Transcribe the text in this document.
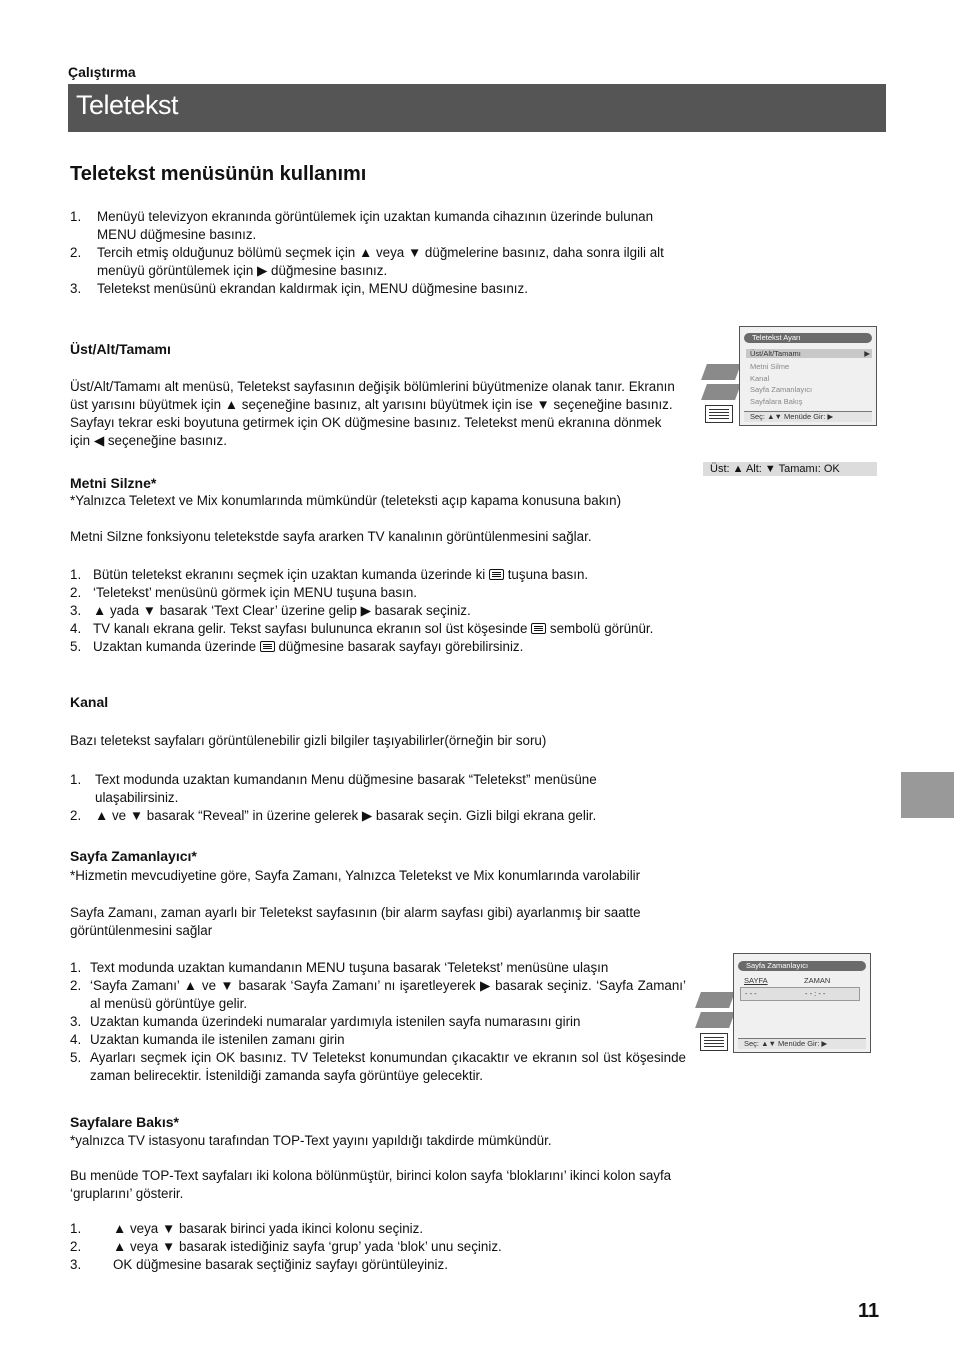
Çalıştırma
Teletekst
Teletekst menüsünün kullanımı
1. Menüyü televizyon ekranında görüntülemek için uzaktan kumanda cihazının üzerinde bulunan MENU düğmesine basınız.
2. Tercih etmiş olduğunuz bölümü seçmek için ▲ veya ▼ düğmelerine basınız, daha sonra ilgili alt menüyü görüntülemek için ▶ düğmesine basınız.
3. Teletekst menüsünü ekrandan kaldırmak için, MENU düğmesine basınız.
Üst/Alt/Tamamı
Üst/Alt/Tamamı alt menüsü, Teletekst sayfasının değişik bölümlerini büyütmenize olanak tanır. Ekranın üst yarısını büyütmek için ▲ seçeneğine basınız, alt yarısını büyütmek için ise ▼ seçeneğine basınız. Sayfayı tekrar eski boyutuna getirmek için OK düğmesine basınız. Teletekst menü ekranına dönmek için ◀ seçeneğine basınız.
Metni Silzne*
*Yalnızca Teletext ve Mix konumlarında mümkündür (teleteksti açıp kapama konusuna bakın)
Metni Silzne fonksiyonu teletekstde sayfa ararken TV kanalının görüntülenmesini sağlar.
1. Bütün teletekst ekranını seçmek için uzaktan kumanda üzerinde ki  tuşuna basın.
2. ‘Teletekst’ menüsünü görmek için MENU tuşuna basın.
3. ▲ yada ▼ basarak ‘Text Clear’ üzerine gelip ▶ basarak seçiniz.
4. TV kanalı ekrana gelir. Tekst sayfası bulununca ekranın sol üst köşesinde  sembolü görünür.
5. Uzaktan kumanda üzerinde  düğmesine basarak sayfayı görebilirsiniz.
Kanal
Bazı teletekst sayfaları görüntülenebilir gizli bilgiler taşıyabilirler(örneğin bir soru)
1. Text modunda uzaktan kumandanın Menu düğmesine basarak “Teletekst” menüsüne ulaşabilirsiniz.
2. ▲ ve ▼ basarak “Reveal” in üzerine gelerek ▶ basarak seçin. Gizli bilgi ekrana gelir.
Sayfa Zamanlayıcı*
*Hizmetin mevcudiyetine göre, Sayfa Zamanı, Yalnızca Teletekst ve Mix konumlarında varolabilir
Sayfa Zamanı, zaman ayarlı bir Teletekst sayfasının (bir alarm sayfası gibi) ayarlanmış bir saatte görüntülenmesini sağlar
1. Text modunda uzaktan kumandanın MENU tuşuna basarak ‘Teletekst’ menüsüne ulaşın
2. ‘Sayfa Zamanı’ ▲ ve ▼ basarak ‘Sayfa Zamanı’ nı işaretleyerek ▶ basarak seçiniz. ‘Sayfa Zamanı’ al menüsü görüntüye gelir.
3. Uzaktan kumanda üzerindeki numaralar yardımıyla istenilen sayfa numarasını girin
4. Uzaktan kumanda ile istenilen zamanı girin
5. Ayarları seçmek için OK basınız. TV Teletekst konumundan çıkacaktır ve ekranın sol üst köşesinde zaman belirecektir. İstenildiği zamanda sayfa görüntüye gelecektir.
Sayfalare Bakıs*
*yalnızca TV istasyonu tarafından TOP-Text yayını yapıldığı takdirde mümkündür.
Bu menüde TOP-Text sayfaları iki kolona bölünmüştür, birinci kolon sayfa ‘bloklarını’ ikinci kolon sayfa ‘gruplarını’ gösterir.
1. ▲ veya ▼ basarak birinci yada ikinci kolonu seçiniz.
2. ▲ veya ▼ basarak istediğiniz sayfa ‘grup’ yada ‘blok’ unu seçiniz.
3. OK düğmesine basarak seçtiğiniz sayfayı görüntüleyiniz.
Teletekst Ayarı
Üst/Alt/Tamamı	▶
Metni Silme
Kanal
Sayfa Zamanlayıcı
Sayfalara Bakış
Seç: ▲▼ Menüde Gir: ▶
Üst: ▲ Alt: ▼ Tamamı: OK
Sayfa Zamanlayıcı
SAYFA	ZAMAN
- - -	- - : - -
Seç: ▲▼ Menüde Gir: ▶
11
